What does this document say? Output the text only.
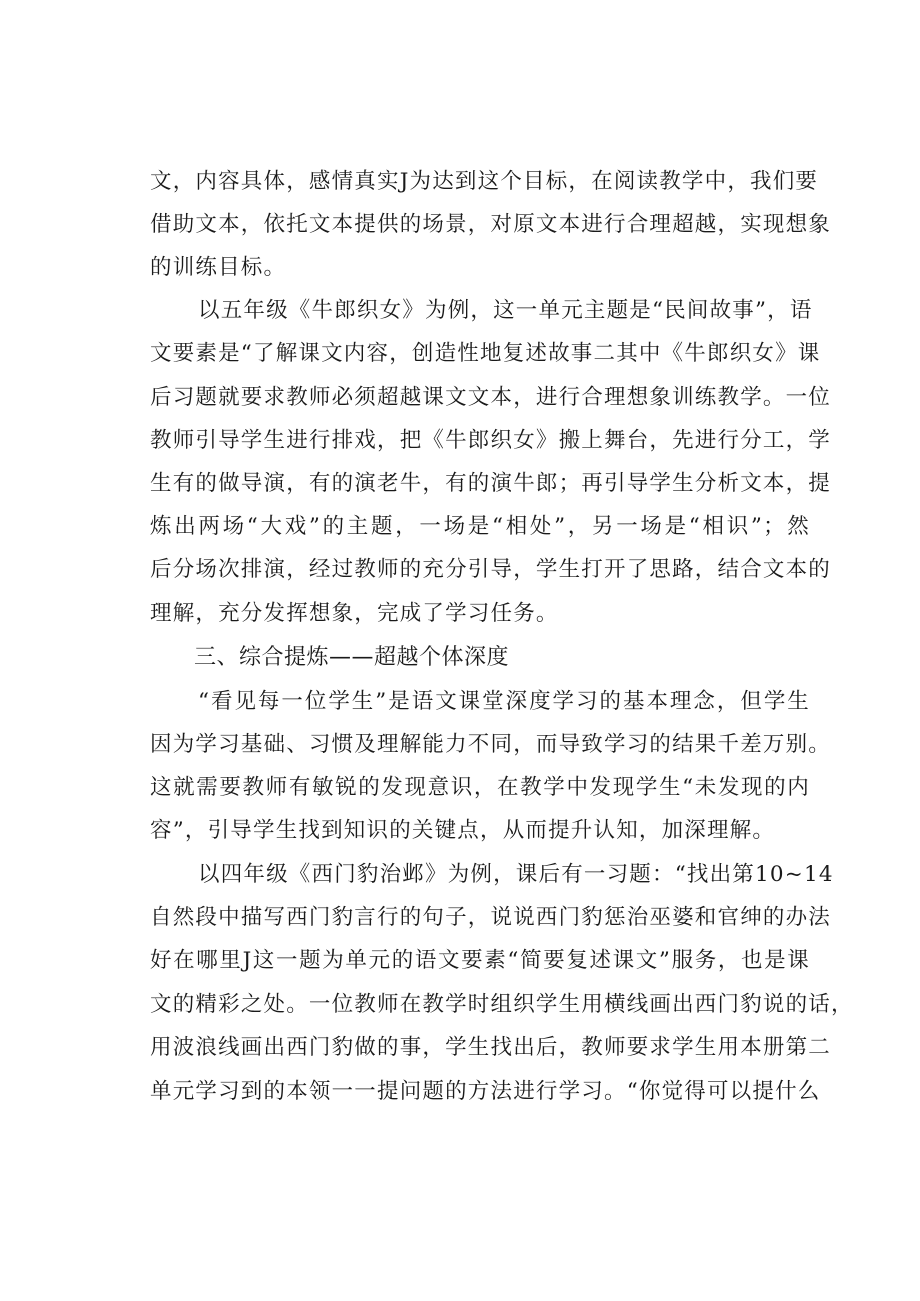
文，内容具体，感情真实J为达到这个目标，在阅读教学中，我们要
借助文本，依托文本提供的场景，对原文本进行合理超越，实现想象
的训练目标。
以五年级《牛郎织女》为例，这一单元主题是“民间故事”，语
文要素是“了解课文内容，创造性地复述故事二其中《牛郎织女》课
后习题就要求教师必须超越课文文本，进行合理想象训练教学。一位
教师引导学生进行排戏，把《牛郎织女》搬上舞台，先进行分工，学
生有的做导演，有的演老牛，有的演牛郎；再引导学生分析文本，提
炼出两场“大戏”的主题，一场是“相处”，另一场是“相识”；然
后分场次排演，经过教师的充分引导，学生打开了思路，结合文本的
理解，充分发挥想象，完成了学习任务。
三、综合提炼——超越个体深度
“看见每一位学生”是语文课堂深度学习的基本理念，但学生
因为学习基础、习惯及理解能力不同，而导致学习的结果千差万别。
这就需要教师有敏锐的发现意识，在教学中发现学生“未发现的内
容”，引导学生找到知识的关键点，从而提升认知，加深理解。
以四年级《西门豹治邺》为例，课后有一习题：“找出第10~14
自然段中描写西门豹言行的句子，说说西门豹惩治巫婆和官绅的办法
好在哪里J这一题为单元的语文要素“简要复述课文”服务，也是课
文的精彩之处。一位教师在教学时组织学生用横线画出西门豹说的话，
用波浪线画出西门豹做的事，学生找出后，教师要求学生用本册第二
单元学习到的本领一一提问题的方法进行学习。“你觉得可以提什么
